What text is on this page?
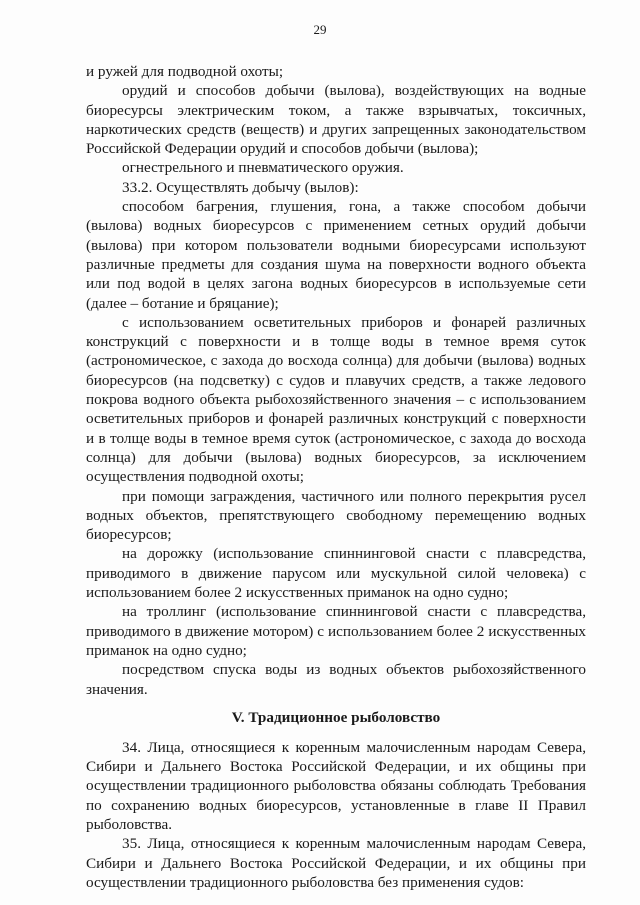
29

и ружей для подводной охоты;

орудий и способов добычи (вылова), воздействующих на водные биоресурсы электрическим током, а также взрывчатых, токсичных, наркотических средств (веществ) и других запрещенных законодательством Российской Федерации орудий и способов добычи (вылова);

огнестрельного и пневматического оружия.

33.2. Осуществлять добычу (вылов):

способом багрения, глушения, гона, а также способом добычи (вылова) водных биоресурсов с применением сетных орудий добычи (вылова) при котором пользователи водными биоресурсами используют различные предметы для создания шума на поверхности водного объекта или под водой в целях загона водных биоресурсов в используемые сети (далее – ботание и бряцание);

с использованием осветительных приборов и фонарей различных конструкций с поверхности и в толще воды в темное время суток (астрономическое, с захода до восхода солнца) для добычи (вылова) водных биоресурсов (на подсветку) с судов и плавучих средств, а также ледового покрова водного объекта рыбохозяйственного значения – с использованием осветительных приборов и фонарей различных конструкций с поверхности и в толще воды в темное время суток (астрономическое, с захода до восхода солнца) для добычи (вылова) водных биоресурсов, за исключением осуществления подводной охоты;

при помощи заграждения, частичного или полного перекрытия русел водных объектов, препятствующего свободному перемещению водных биоресурсов;

на дорожку (использование спиннинговой снасти с плавсредства, приводимого в движение парусом или мускульной силой человека) с использованием более 2 искусственных приманок на одно судно;

на троллинг (использование спиннинговой снасти с плавсредства, приводимого в движение мотором) с использованием более 2 искусственных приманок на одно судно;

посредством спуска воды из водных объектов рыбохозяйственного значения.

V. Традиционное рыболовство

34. Лица, относящиеся к коренным малочисленным народам Севера, Сибири и Дальнего Востока Российской Федерации, и их общины при осуществлении традиционного рыболовства обязаны соблюдать Требования по сохранению водных биоресурсов, установленные в главе II Правил рыболовства.

35. Лица, относящиеся к коренным малочисленным народам Севера, Сибири и Дальнего Востока Российской Федерации, и их общины при осуществлении традиционного рыболовства без применения судов:
